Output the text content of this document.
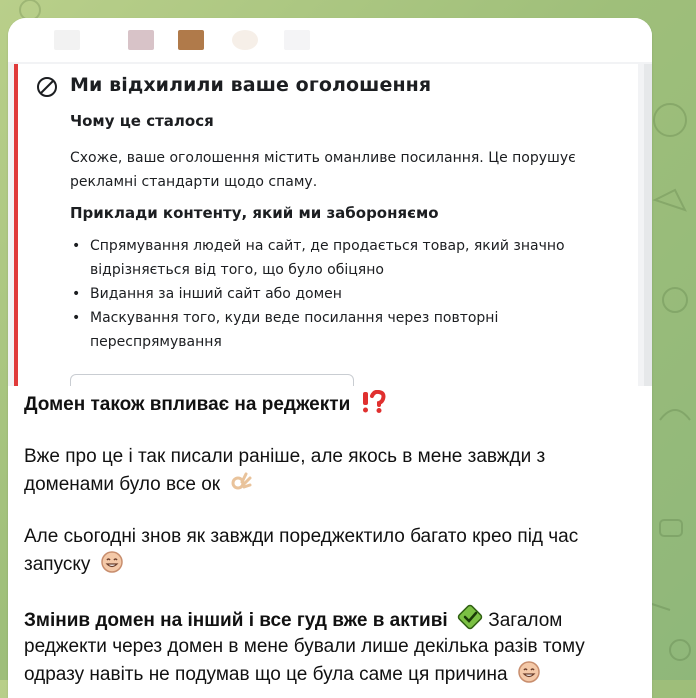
Ми відхилили ваше оголошення
Чому це сталося
Схоже, ваше оголошення містить оманливе посилання. Це порушує рекламні стандарти щодо спаму.
Приклади контенту, який ми забороняємо
• Спрямування людей на сайт, де продається товар, який значно відрізняється від того, що було обіцяно
• Видання за інший сайт або домен
• Маскування того, куди веде посилання через повторні переспрямування

Домен також впливає на реджекти

Вже про це і так писали раніше, але якось в мене завжди з доменами було все ок

Але сьогодні знов як завжди пореджектило багато крео під час запуску

Змінив домен на інший і все гуд вже в активі Загалом реджекти через домен в мене бували лише декілька разів тому одразу навіть не подумав що це була саме ця причина
